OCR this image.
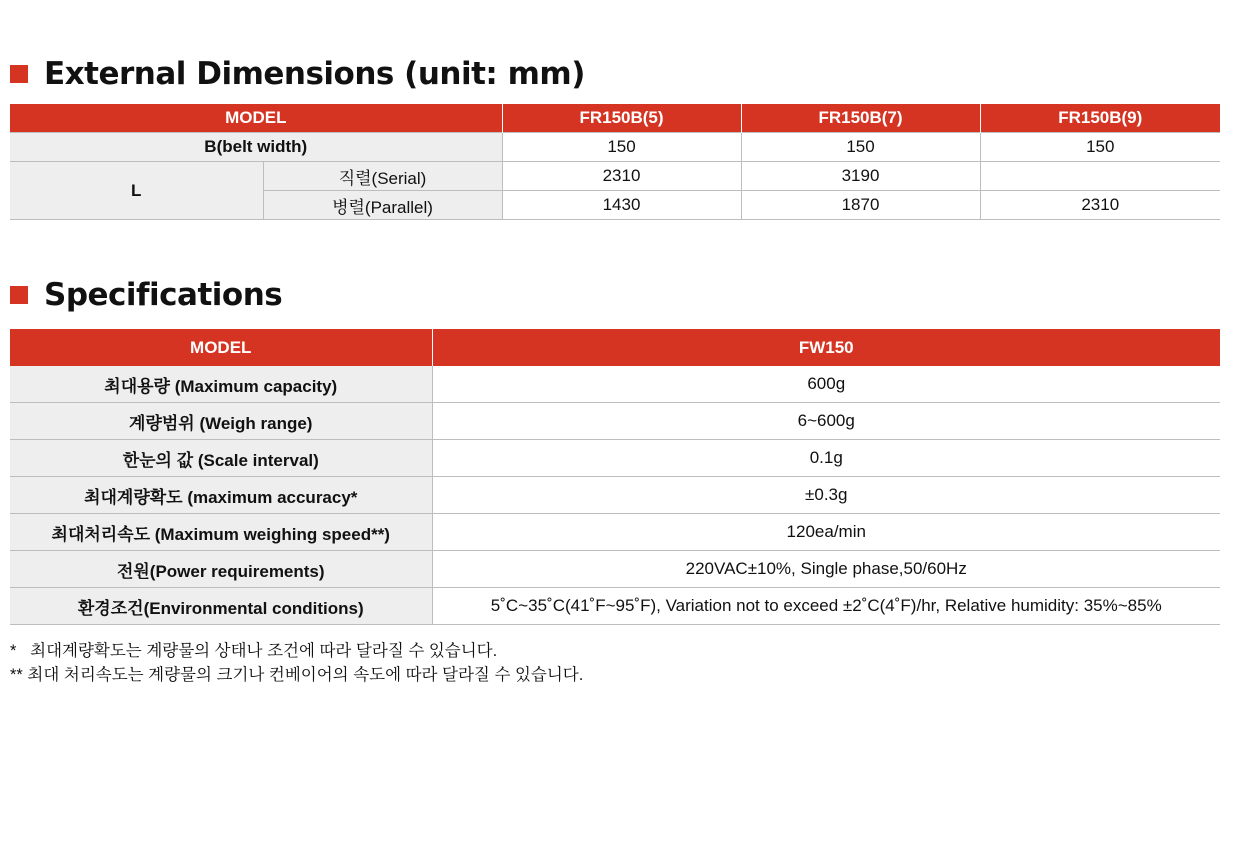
External Dimensions (unit: mm)
MODEL		FR150B(5)	FR150B(7)	FR150B(9)
B(belt width)		150	150	150
L	직렬(Serial)	2310	3190	
	병렬(Parallel)	1430	1870	2310
Specifications
MODEL	FW150
최대용량 (Maximum capacity)	600g
계량범위 (Weigh range)	6~600g
한눈의 값 (Scale interval)	0.1g
최대계량확도 (maximum accuracy*	±0.3g
최대처리속도 (Maximum weighing speed**)	120ea/min
전원(Power requirements)	220VAC±10%, Single phase,50/60Hz
환경조건(Environmental conditions)	5˚C~35˚C(41˚F~95˚F), Variation not to exceed ±2˚C(4˚F)/hr, Relative humidity: 35%~85%
*   최대계량확도는 계량물의 상태나 조건에 따라 달라질 수 있습니다.
** 최대 처리속도는 계량물의 크기나 컨베이어의 속도에 따라 달라질 수 있습니다.
